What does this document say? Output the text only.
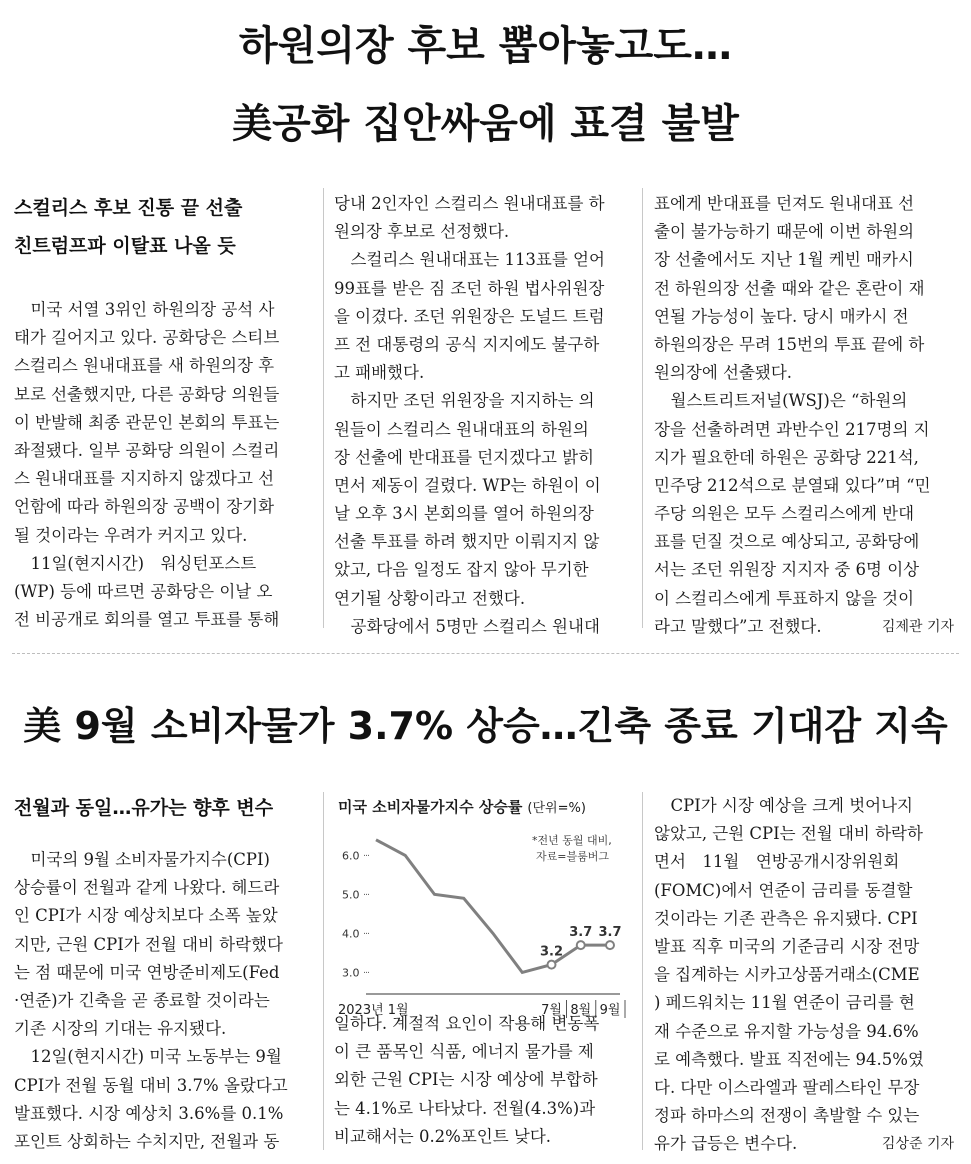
하원의장 후보 뽑아놓고도…
美공화 집안싸움에 표결 불발
스컬리스 후보 진통 끝 선출
친트럼프파 이탈표 나올 듯
　미국 서열 3위인 하원의장 공석 사
태가 길어지고 있다. 공화당은 스티브
스컬리스 원내대표를 새 하원의장 후
보로 선출했지만, 다른 공화당 의원들
이 반발해 최종 관문인 본회의 투표는
좌절됐다. 일부 공화당 의원이 스컬리
스 원내대표를 지지하지 않겠다고 선
언함에 따라 하원의장 공백이 장기화
될 것이라는 우려가 커지고 있다.
　11일(현지시간)　워싱턴포스트
(WP) 등에 따르면 공화당은 이날 오
전 비공개로 회의를 열고 투표를 통해
당내 2인자인 스컬리스 원내대표를 하
원의장 후보로 선정했다.
　스컬리스 원내대표는 113표를 얻어
99표를 받은 짐 조던 하원 법사위원장
을 이겼다. 조던 위원장은 도널드 트럼
프 전 대통령의 공식 지지에도 불구하
고 패배했다.
　하지만 조던 위원장을 지지하는 의
원들이 스컬리스 원내대표의 하원의
장 선출에 반대표를 던지겠다고 밝히
면서 제동이 걸렸다. WP는 하원이 이
날 오후 3시 본회의를 열어 하원의장
선출 투표를 하려 했지만 이뤄지지 않
았고, 다음 일정도 잡지 않아 무기한
연기될 상황이라고 전했다.
　공화당에서 5명만 스컬리스 원내대
표에게 반대표를 던져도 원내대표 선
출이 불가능하기 때문에 이번 하원의
장 선출에서도 지난 1월 케빈 매카시
전 하원의장 선출 때와 같은 혼란이 재
연될 가능성이 높다. 당시 매카시 전
하원의장은 무려 15번의 투표 끝에 하
원의장에 선출됐다.
　월스트리트저널(WSJ)은 “하원의
장을 선출하려면 과반수인 217명의 지
지가 필요한데 하원은 공화당 221석,
민주당 212석으로 분열돼 있다”며 “민
주당 의원은 모두 스컬리스에게 반대
표를 던질 것으로 예상되고, 공화당에
서는 조던 위원장 지지자 중 6명 이상
이 스컬리스에게 투표하지 않을 것이
라고 말했다”고 전했다.	김제관 기자
美 9월 소비자물가 3.7% 상승…긴축 종료 기대감 지속
전월과 동일…유가는 향후 변수
　미국의 9월 소비자물가지수(CPI)
상승률이 전월과 같게 나왔다. 헤드라
인 CPI가 시장 예상치보다 소폭 높았
지만, 근원 CPI가 전월 대비 하락했다
는 점 때문에 미국 연방준비제도(Fed
·연준)가 긴축을 곧 종료할 것이라는
기존 시장의 기대는 유지됐다.
　12일(현지시간) 미국 노동부는 9월
CPI가 전월 동월 대비 3.7% 올랐다고
발표했다. 시장 예상치 3.6%를 0.1%
포인트 상회하는 수치지만, 전월과 동
미국 소비자물가지수 상승률 (단위=%)
3.0
4.0
5.0
6.0
*전년 동월 대비,
자료=블룸버그
3.2
3.7 3.7
2023년 1월	7월 8월 9월
일하다. 계절적 요인이 작용해 변동폭
이 큰 품목인 식품, 에너지 물가를 제
외한 근원 CPI는 시장 예상에 부합하
는 4.1%로 나타났다. 전월(4.3%)과
비교해서는 0.2%포인트 낮다.
　CPI가 시장 예상을 크게 벗어나지
않았고, 근원 CPI는 전월 대비 하락하
면서　11월　연방공개시장위원회
(FOMC)에서 연준이 금리를 동결할
것이라는 기존 관측은 유지됐다. CPI
발표 직후 미국의 기준금리 시장 전망
을 집계하는 시카고상품거래소(CME
) 페드워치는 11월 연준이 금리를 현
재 수준으로 유지할 가능성을 94.6%
로 예측했다. 발표 직전에는 94.5%였
다. 다만 이스라엘과 팔레스타인 무장
정파 하마스의 전쟁이 촉발할 수 있는
유가 급등은 변수다.	김상준 기자
